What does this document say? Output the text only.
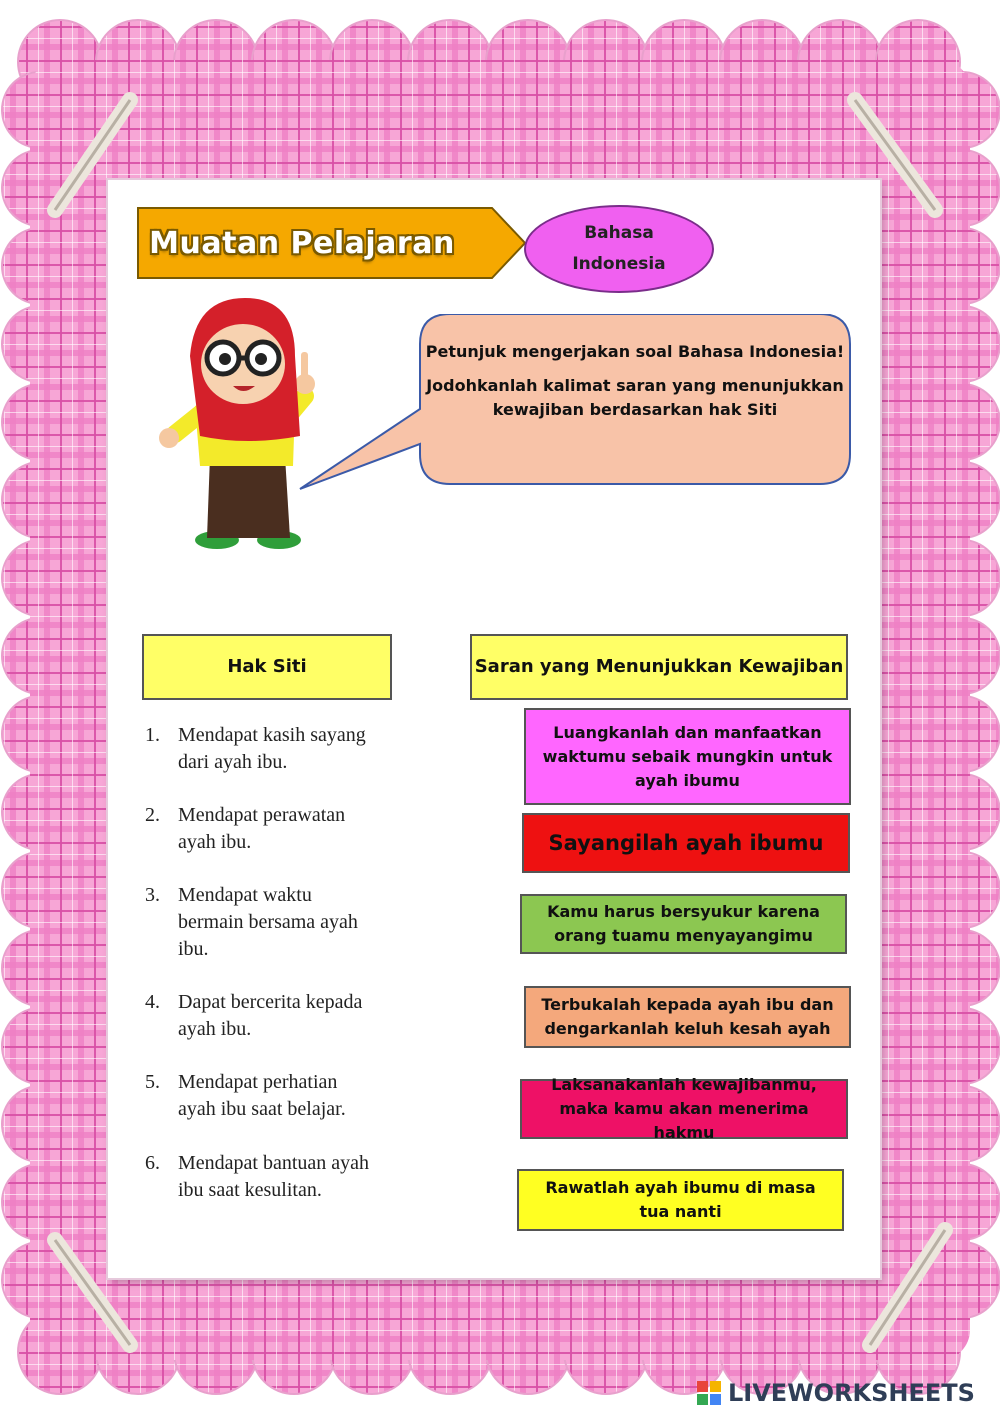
Muatan Pelajaran	Bahasa
Indonesia

Petunjuk mengerjakan soal Bahasa Indonesia!

Jodohkanlah kalimat saran yang menunjukkan kewajiban berdasarkan hak Siti

Hak Siti	Saran yang Menunjukkan Kewajiban
1. Mendapat kasih sayang dari ayah ibu.
2. Mendapat perawatan ayah ibu.
3. Mendapat waktu bermain bersama ayah ibu.
4. Dapat bercerita kepada ayah ibu.
5. Mendapat perhatian ayah ibu saat belajar.
6. Mendapat bantuan ayah ibu saat kesulitan.
Luangkanlah dan manfaatkan waktumu sebaik mungkin untuk ayah ibumu
Sayangilah ayah ibumu
Kamu harus bersyukur karena orang tuamu menyayangimu
Terbukalah kepada ayah ibu dan dengarkanlah keluh kesah ayah
Laksanakanlah kewajibanmu, maka kamu akan menerima hakmu
Rawatlah ayah ibumu di masa tua nanti
LIVEWORKSHEETS
